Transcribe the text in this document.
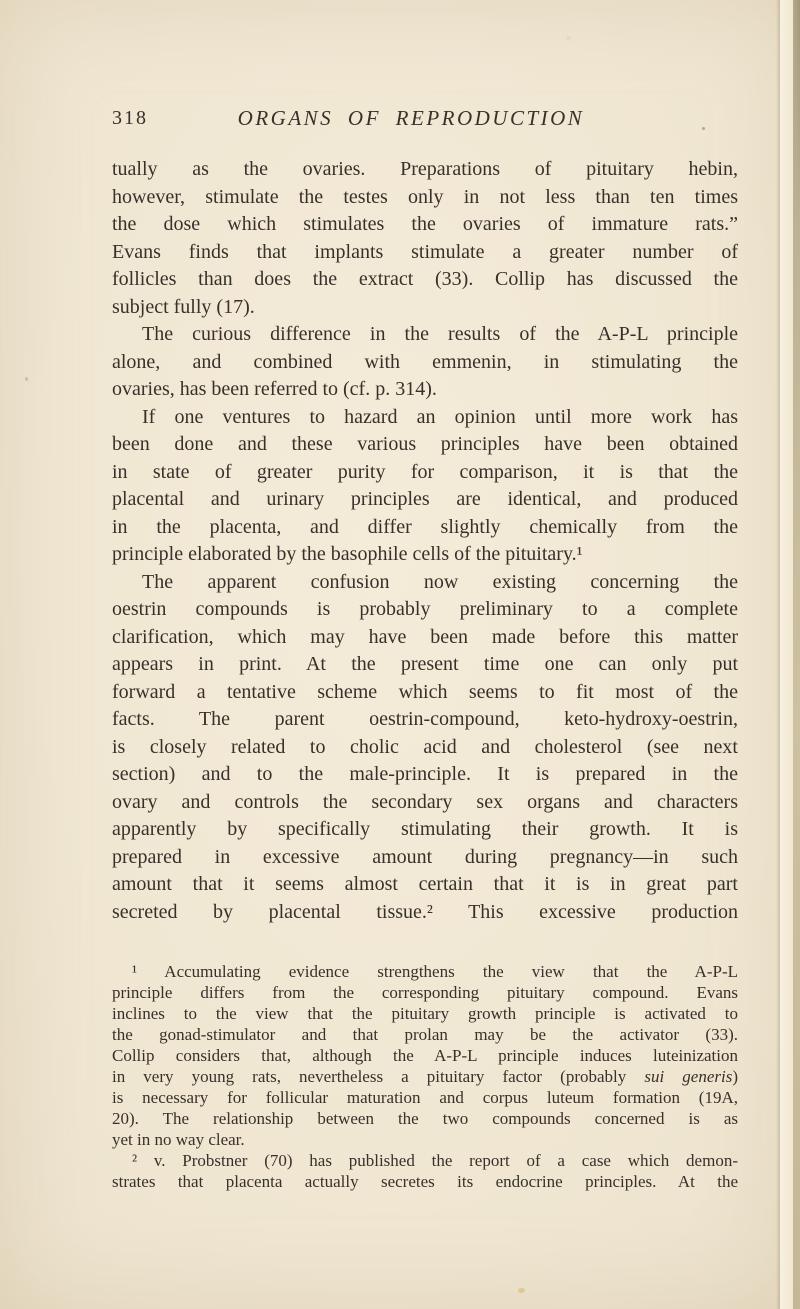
318	ORGANS OF REPRODUCTION
tually as the ovaries. Preparations of pituitary hebin,
however, stimulate the testes only in not less than ten times
the dose which stimulates the ovaries of immature rats.”
Evans finds that implants stimulate a greater number of
follicles than does the extract (33). Collip has discussed the
subject fully (17).
The curious difference in the results of the A-P-L principle
alone, and combined with emmenin, in stimulating the
ovaries, has been referred to (cf. p. 314).
If one ventures to hazard an opinion until more work has
been done and these various principles have been obtained
in state of greater purity for comparison, it is that the
placental and urinary principles are identical, and produced
in the placenta, and differ slightly chemically from the
principle elaborated by the basophile cells of the pituitary.¹
The apparent confusion now existing concerning the
oestrin compounds is probably preliminary to a complete
clarification, which may have been made before this matter
appears in print. At the present time one can only put
forward a tentative scheme which seems to fit most of the
facts. The parent oestrin-compound, keto-hydroxy-oestrin,
is closely related to cholic acid and cholesterol (see next
section) and to the male-principle. It is prepared in the
ovary and controls the secondary sex organs and characters
apparently by specifically stimulating their growth. It is
prepared in excessive amount during pregnancy—in such
amount that it seems almost certain that it is in great part
secreted by placental tissue.² This excessive production
¹ Accumulating evidence strengthens the view that the A-P-L
principle differs from the corresponding pituitary compound. Evans
inclines to the view that the pituitary growth principle is activated to
the gonad-stimulator and that prolan may be the activator (33).
Collip considers that, although the A-P-L principle induces luteinization
in very young rats, nevertheless a pituitary factor (probably sui generis)
is necessary for follicular maturation and corpus luteum formation (19A,
20). The relationship between the two compounds concerned is as
yet in no way clear.
² v. Probstner (70) has published the report of a case which demon-
strates that placenta actually secretes its endocrine principles. At the
